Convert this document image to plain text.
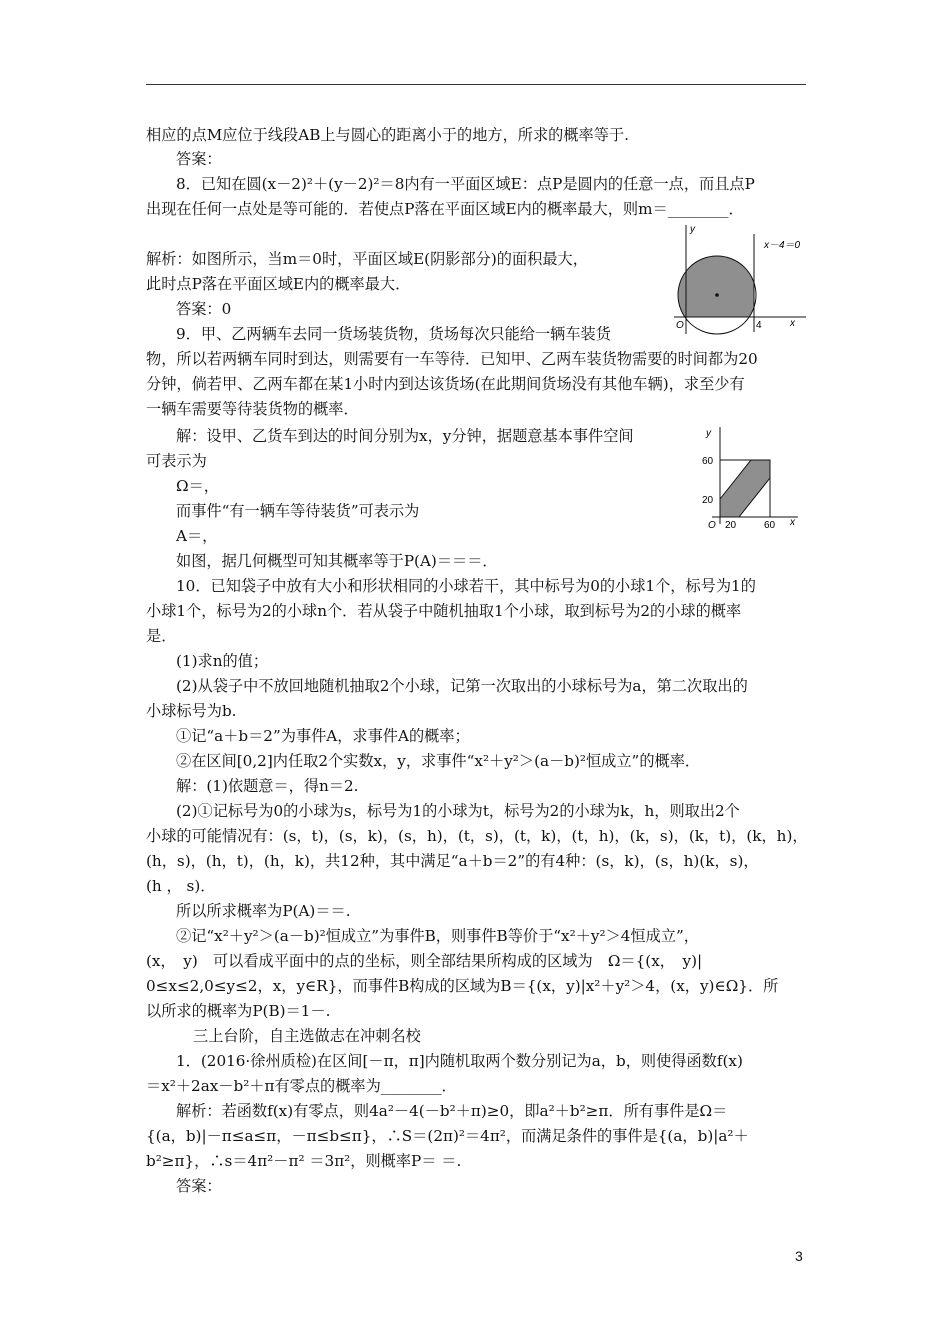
相应的点M应位于线段AB上与圆心的距离小于的地方，所求的概率等于.
答案：
8．已知在圆(x－2)²＋(y－2)²＝8内有一平面区域E：点P是圆内的任意一点，而且点P
出现在任何一点处是等可能的．若使点P落在平面区域E内的概率最大，则m＝________．
解析：如图所示，当m＝0时，平面区域E(阴影部分)的面积最大，
此时点P落在平面区域E内的概率最大．
答案：0
9．甲、乙两辆车去同一货场装货物，货场每次只能给一辆车装货
物，所以若两辆车同时到达，则需要有一车等待．已知甲、乙两车装货物需要的时间都为20
分钟，倘若甲、乙两车都在某1小时内到达该货场(在此期间货场没有其他车辆)，求至少有
一辆车需要等待装货物的概率．
解：设甲、乙货车到达的时间分别为x，y分钟，据题意基本事件空间
可表示为
Ω＝，
而事件“有一辆车等待装货”可表示为
A＝，
如图，据几何概型可知其概率等于P(A)＝＝＝．
10．已知袋子中放有大小和形状相同的小球若干，其中标号为0的小球1个，标号为1的
小球1个，标号为2的小球n个．若从袋子中随机抽取1个小球，取到标号为2的小球的概率
是．
(1)求n的值；
(2)从袋子中不放回地随机抽取2个小球，记第一次取出的小球标号为a，第二次取出的
小球标号为b.
①记“a＋b＝2”为事件A，求事件A的概率；
②在区间[0,2]内任取2个实数x，y，求事件“x²＋y²＞(a－b)²恒成立”的概率．
解：(1)依题意＝，得n＝2.
(2)①记标号为0的小球为s，标号为1的小球为t，标号为2的小球为k，h，则取出2个
小球的可能情况有：(s，t)，(s，k)，(s，h)，(t，s)，(t，k)，(t，h)，(k，s)，(k，t)，(k，h)，
(h，s)，(h，t)，(h，k)，共12种，其中满足“a＋b＝2”的有4种：(s，k)，(s，h)(k，s)，
(h ， s)．
所以所求概率为P(A)＝＝.
②记“x²＋y²＞(a－b)²恒成立”为事件B，则事件B等价于“x²＋y²＞4恒成立”，
(x，　y)　可以看成平面中的点的坐标，则全部结果所构成的区域为　Ω＝{(x，　y)|
0≤x≤2,0≤y≤2，x，y∈R}，而事件B构成的区域为B＝{(x，y)|x²＋y²＞4，(x，y)∈Ω}．所
以所求的概率为P(B)＝1－.
三上台阶，自主选做志在冲刺名校
1．(2016·徐州质检)在区间[－π，π]内随机取两个数分别记为a，b，则使得函数f(x)
＝x²＋2ax－b²＋π有零点的概率为________．
解析：若函数f(x)有零点，则4a²－4(－b²＋π)≥0，即a²＋b²≥π．所有事件是Ω＝
{(a，b)|－π≤a≤π，－π≤b≤π}，∴S＝(2π)²＝4π²，而满足条件的事件是{(a，b)|a²＋
b²≥π}，∴s＝4π²－π² ＝3π²，则概率P＝ ＝.
答案：
y
x－4＝0
O	4	x
y
60
20
O 20	60 x
3
